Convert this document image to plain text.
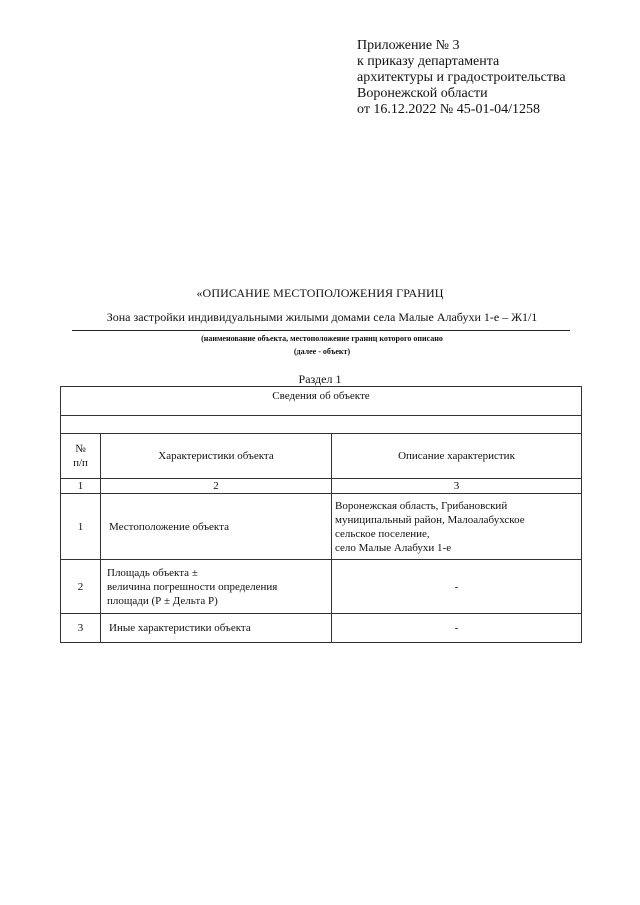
Приложение № 3
к приказу департамента
архитектуры и градостроительства
Воронежской области
от 16.12.2022 № 45-01-04/1258
«ОПИСАНИЕ МЕСТОПОЛОЖЕНИЯ ГРАНИЦ
Зона застройки индивидуальными жилыми домами села Малые Алабухи 1-е – Ж1/1
(наименование объекта, местоположение границ которого описано
(далее - объект)
Раздел 1
Сведения об объекте		

№
п/п	Характеристики объекта	Описание характеристик
1	2	3
1	Местоположение объекта	Воронежская область, Грибановский
муниципальный район, Малоалабухское
сельское поселение,
село Малые Алабухи 1-е

2	Площадь объекта ±
величина погрешности определения
площади (Р ± Дельта Р)	-
3	Иные характеристики объекта	-
